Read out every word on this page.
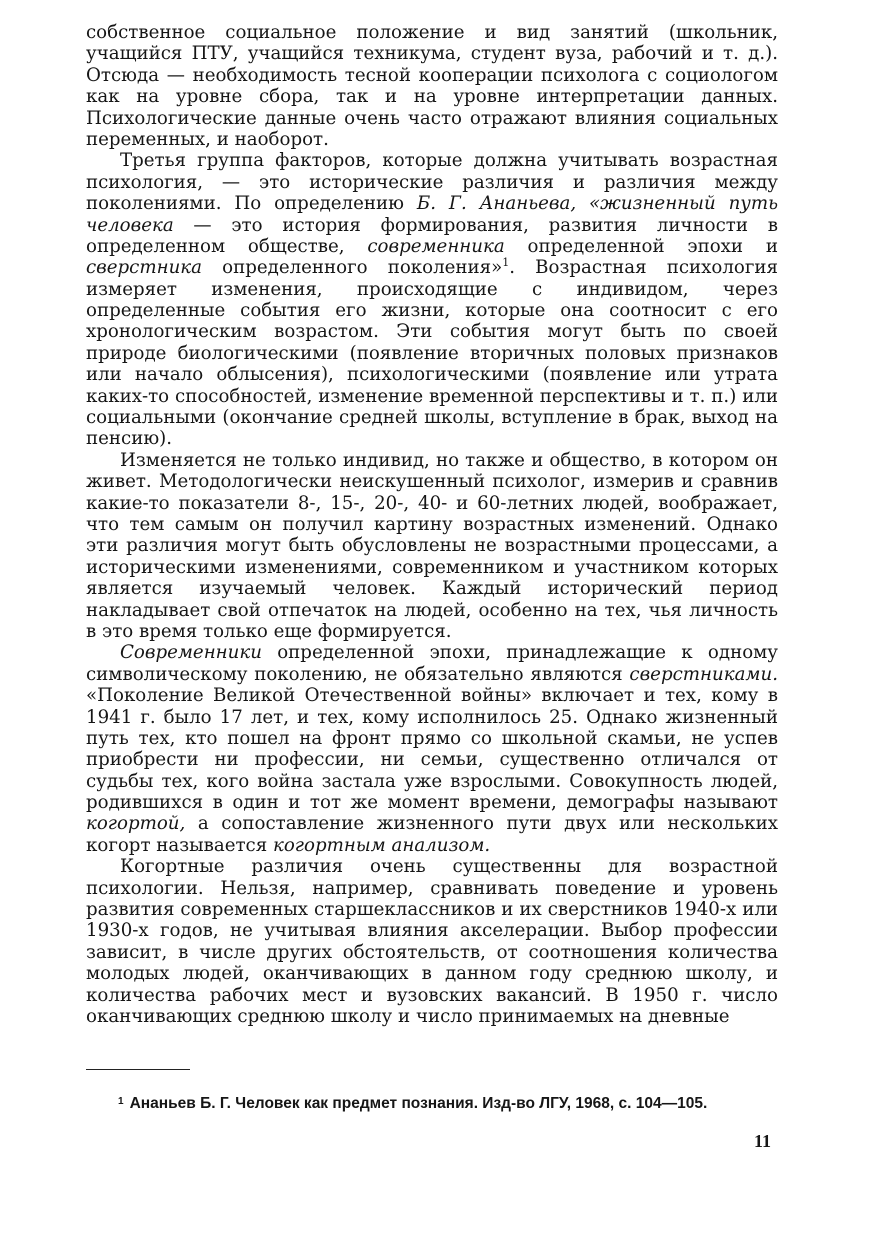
собственное социальное положение и вид занятий (школьник, учащийся ПТУ, учащийся техникума, студент вуза, рабочий и т. д.). Отсюда — необходимость тесной кооперации психолога с социологом как на уровне сбора, так и на уровне интерпретации данных. Психологические данные очень часто отражают влияния социальных переменных, и наоборот.

Третья группа факторов, которые должна учитывать возрастная психология, — это исторические различия и различия между поколениями. По определению Б. Г. Ананьева, «жизненный путь человека — это история формирования, развития личности в определенном обществе, современника определенной эпохи и сверстника определенного поколения»$^1$. Возрастная психология измеряет изменения, происходящие с индивидом, через определенные события его жизни, которые она соотносит с его хронологическим возрастом. Эти события могут быть по своей природе биологическими (появление вторичных половых признаков или начало облысения), психологическими (появление или утрата каких-то способностей, изменение временной перспективы и т. п.) или социальными (окончание средней школы, вступление в брак, выход на пенсию).

Изменяется не только индивид, но также и общество, в котором он живет. Методологически неискушенный психолог, измерив и сравнив какие-то показатели 8-, 15-, 20-, 40- и 60-летних людей, воображает, что тем самым он получил картину возрастных изменений. Однако эти различия могут быть обусловлены не возрастными процессами, а историческими изменениями, современником и участником которых является изучаемый человек. Каждый исторический период накладывает свой отпечаток на людей, особенно на тех, чья личность в это время только еще формируется.

Современники определенной эпохи, принадлежащие к одному символическому поколению, не обязательно являются сверстниками. «Поколение Великой Отечественной войны» включает и тех, кому в 1941 г. было 17 лет, и тех, кому исполнилось 25. Однако жизненный путь тех, кто пошел на фронт прямо со школьной скамьи, не успев приобрести ни профессии, ни семьи, существенно отличался от судьбы тех, кого война застала уже взрослыми. Совокупность людей, родившихся в один и тот же момент времени, демографы называют когортой, а сопоставление жизненного пути двух или нескольких когорт называется когортным анализом.

Когортные различия очень существенны для возрастной психологии. Нельзя, например, сравнивать поведение и уровень развития современных старшеклассников и их сверстников 1940-х или 1930-х годов, не учитывая влияния акселерации. Выбор профессии зависит, в числе других обстоятельств, от соотношения количества молодых людей, оканчивающих в данном году среднюю школу, и количества рабочих мест и вузовских вакансий. В 1950 г. число оканчивающих среднюю школу и число принимаемых на дневные

$^1$ Ананьев Б. Г. Человек как предмет познания. Изд-во ЛГУ, 1968, с. 104—105.
11
